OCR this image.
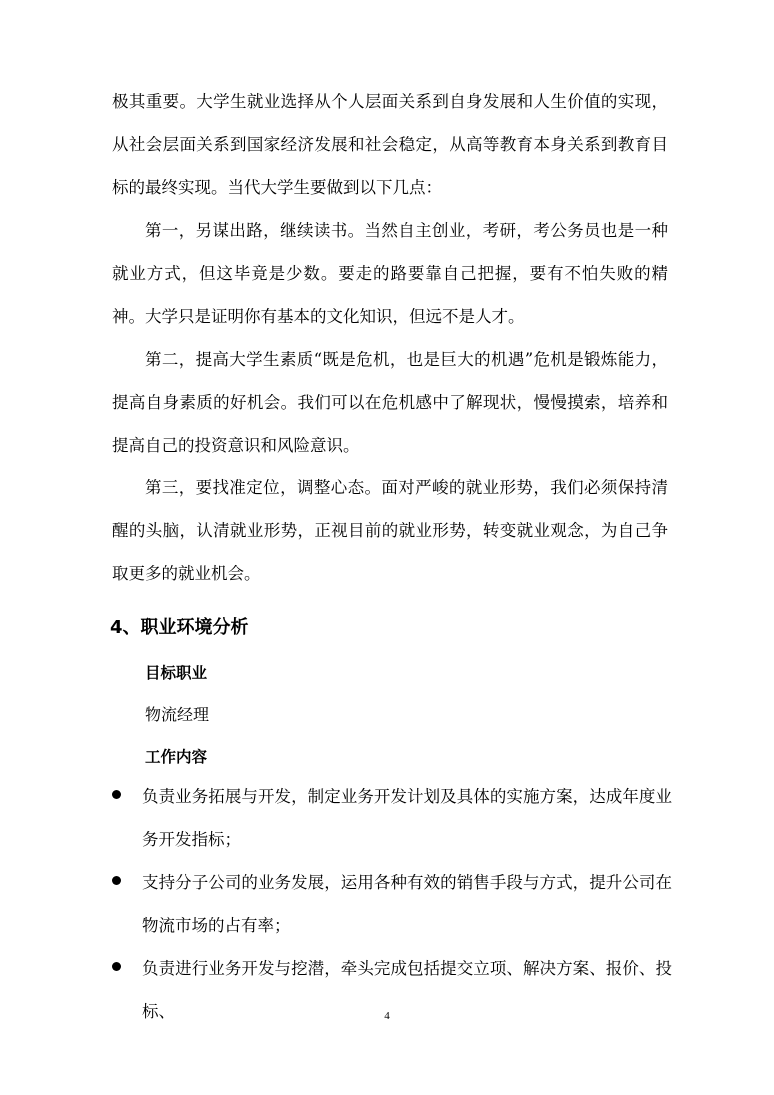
极其重要。大学生就业选择从个人层面关系到自身发展和人生价值的实现，从社会层面关系到国家经济发展和社会稳定，从高等教育本身关系到教育目标的最终实现。当代大学生要做到以下几点：

第一，另谋出路，继续读书。当然自主创业，考研，考公务员也是一种就业方式，但这毕竟是少数。要走的路要靠自己把握，要有不怕失败的精神。大学只是证明你有基本的文化知识，但远不是人才。

第二，提高大学生素质“既是危机，也是巨大的机遇”危机是锻炼能力，提高自身素质的好机会。我们可以在危机感中了解现状，慢慢摸索，培养和提高自己的投资意识和风险意识。

第三，要找准定位，调整心态。面对严峻的就业形势，我们必须保持清醒的头脑，认清就业形势，正视目前的就业形势，转变就业观念，为自己争取更多的就业机会。

4、职业环境分析
目标职业

物流经理

工作内容

负责业务拓展与开发，制定业务开发计划及具体的实施方案，达成年度业务开发指标；

支持分子公司的业务发展，运用各种有效的销售手段与方式，提升公司在物流市场的占有率；

负责进行业务开发与挖潜，牵头完成包括提交立项、解决方案、报价、投标、	4
